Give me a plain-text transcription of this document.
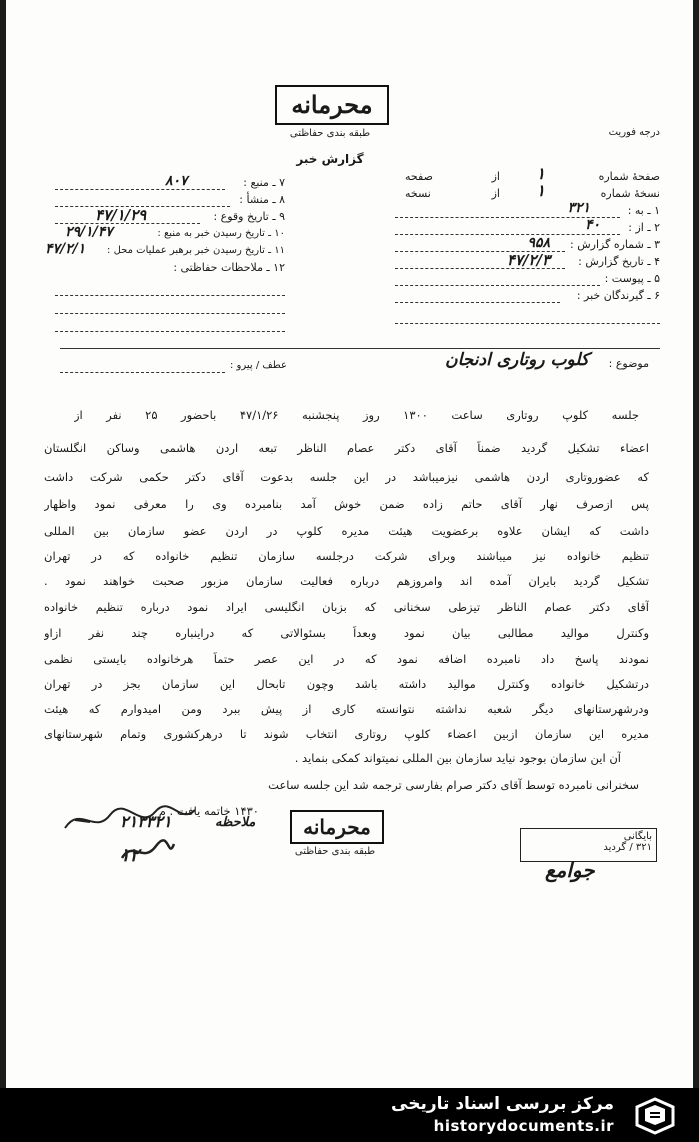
محرمانه
طبقه بندی حفاظتی
گزارش خبر
درجه فوریت
۷ ـ منبع :
۸۰۷
۸ ـ منشأ :
۹ ـ تاریخ وقوع :
۴۷/۱/۲۹
۱۰ ـ تاریخ رسیدن خبر به منبع :
۲۹/۱/۴۷
۱۱ ـ تاریخ رسیدن خبر برهبر عملیات محل :
۴۷/۲/۱
۱۲ ـ ملاحظات حفاظتی :
صفحهٔ شماره
۱
از
صفحه
نسخهٔ شماره
۱
از
نسخه
۱ ـ به :
۳۲۱
۲ ـ از :
۴۰
۳ ـ شماره گزارش :
۹۵۸
۴ ـ تاریخ گزارش :
۴۷/۲/۳
۵ ـ پیوست :
۶ ـ گیرندگان خبر :
موضوع :
کلوب روتاری ادنجان
عطف / پیرو :
جلسه کلوپ روتاری ساعت ۱۳۰۰ روز پنجشنبه ۴۷/۱/۲۶ باحضور ۲۵ نفر از
اعضاء تشکیل گردید ضمناً آقای دکتر عصام الناظر تبعه اردن هاشمی وساکن انگلستان
که عضوروتاری اردن هاشمی نیزمیباشد در این جلسه بدعوت آقای دکتر حکمی شرکت داشت
پس ازصرف نهار آقای حاتم زاده ضمن خوش آمد بنامبرده وی را معرفی نمود واظهار
داشت که ایشان علاوه برعضویت هیئت مدیره کلوپ در اردن عضو سازمان بین المللی
تنظیم خانواده نیز میباشند وبرای شرکت درجلسه سازمان تنظیم خانواده که در تهران
تشکیل گردید بایران آمده اند وامروزهم درباره فعالیت سازمان مزبور صحبت خواهند نمود .
آقای دکتر عصام الناظر تیزطی سخنانی که بزبان انگلیسی ایراد نمود درباره تنظیم خانواده
وکنترل موالید مطالبی بیان نمود وبعداً بسئوالاتی که دراینباره چند نفر ازاو
نمودند پاسخ داد نامبرده اضافه نمود که در این عصر حتماً هرخانواده بایستی نظمی
درتشکیل خانواده وکنترل موالید داشته باشد وچون تابحال این سازمان بجز در تهران
ودرشهرستانهای دیگر شعبه نداشته نتوانسته کاری از پیش ببرد ومن امیدوارم که هیئت
مدیره این سازمان ازبین اعضاء کلوپ روتاری انتخاب شوند تا درهرکشوری وتمام شهرستانهای
آن این سازمان بوجود نیاید سازمان بین المللی نمیتواند کمکی بنماید .
سخنرانی نامبرده توسط آقای دکتر صرام بفارسی ترجمه شد این جلسه ساعت
۱۴۳۰ خاتمه یافت . م
۲۱۳۳۲۱
۱۲
ملاحظه	محرمانه
طبقه بندی حفاظتی
بایگانی
۳۲۱ / گردید
جوامع
مرکز بررسی اسناد تاریخی
historydocuments.ir
